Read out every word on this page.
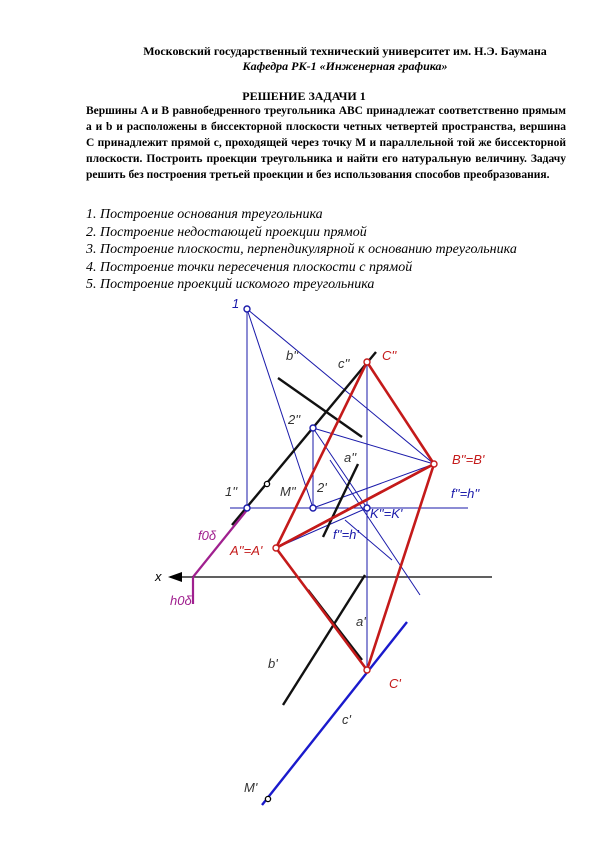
Московский государственный технический университет им. Н.Э. Баумана
Кафедра РК-1 «Инженерная графика»
РЕШЕНИЕ ЗАДАЧИ 1

Вершины A и B равнобедренного треугольника ABC принадлежат соответственно прямым a и b и расположены в биссекторной плоскости четных четвертей пространства, вершина C принадлежит прямой c, проходящей через точку M и параллельной той же биссекторной плоскости. Построить проекции треугольника и найти его натуральную величину. Задачу решить без построения третьей проекции и без использования способов преобразования.

1. Построение основания треугольника
2. Построение недостающей проекции прямой
3. Построение плоскости, перпендикулярной к основанию треугольника
4. Построение точки пересечения плоскости с прямой
5. Построение проекций искомого треугольника
1
b''
c''
C''
2''
a''	B''=B'
1''	M'' 2'	f''=h''
f0δ
A''=A'
f''=h'
K''=K'
x
h0δ
a'
b'
C'
c'
M'
